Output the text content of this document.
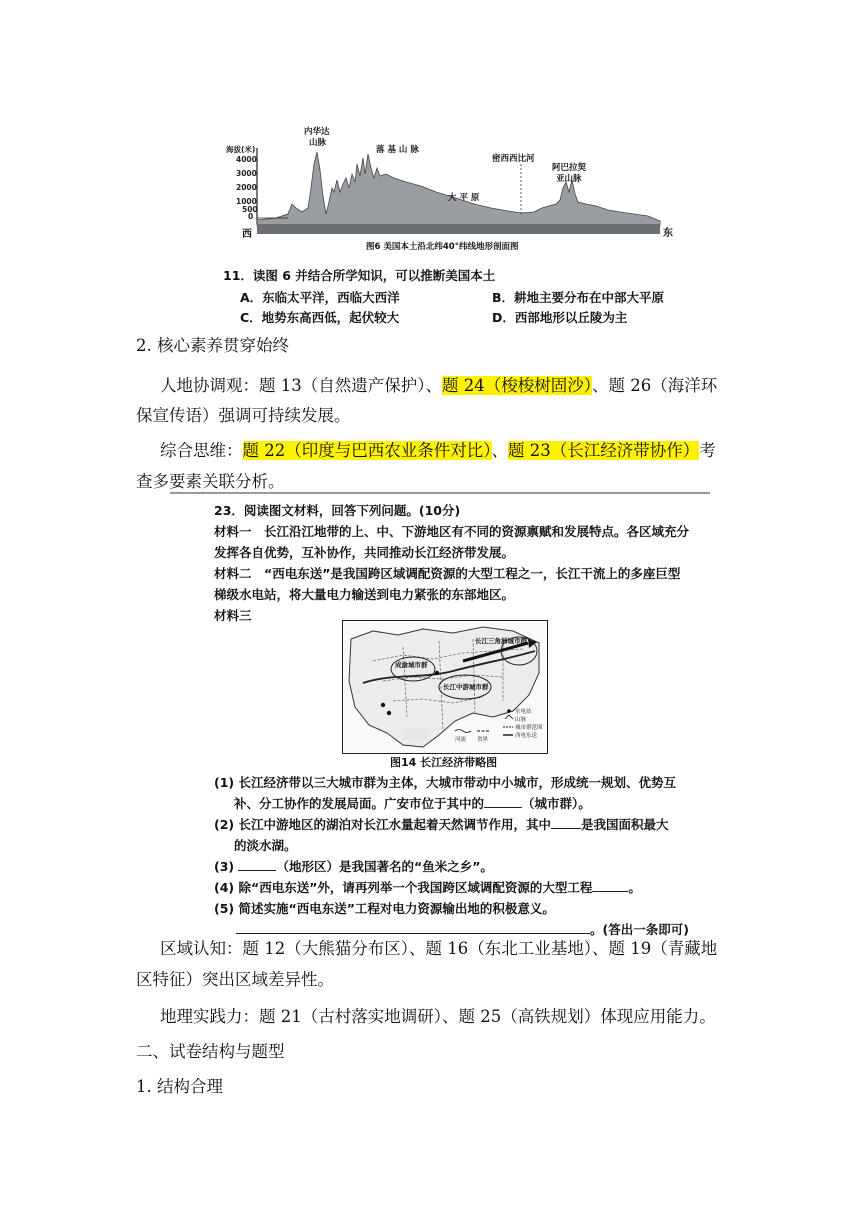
海拔(米)
4000
3000
2000
1000
500
0
内华达
山脉
落 基 山 脉
密西西比河
大 平 原
阿巴拉契
亚山脉
西	东
图6 美国本土沿北纬40°纬线地形剖面图
11．读图 6 并结合所学知识，可以推断美国本土
A．东临太平洋，西临大西洋	B．耕地主要分布在中部大平原
C．地势东高西低，起伏较大	D．西部地形以丘陵为主
2. 核心素养贯穿始终
人地协调观：题 13（自然遗产保护）、题 24（梭梭树固沙）、题 26（海洋环
保宣传语）强调可持续发展。
综合思维：题 22（印度与巴西农业条件对比）、题 23（长江经济带协作）考
查多要素关联分析。
23．阅读图文材料，回答下列问题。(10分)
材料一　长江沿江地带的上、中、下游地区有不同的资源禀赋和发展特点。各区域充分
发挥各自优势，互补协作，共同推动长江经济带发展。
材料二　“西电东送”是我国跨区域调配资源的大型工程之一，长江干流上的多座巨型
梯级水电站，将大量电力输送到电力紧张的东部地区。
材料三
长江三角洲城市群
成渝城市群
长江中游城市群
水电站
山脉
城市群范围
西电东送
河流 省界
图14 长江经济带略图
(1) 长江经济带以三大城市群为主体，大城市带动中小城市，形成统一规划、优势互
补、分工协作的发展局面。广安市位于其中的	（城市群）。
(2) 长江中游地区的湖泊对长江水量起着天然调节作用，其中 是我国面积最大
的淡水湖。
(3)	（地形区）是我国著名的“鱼米之乡”。
(4) 除“西电东送”外，请再列举一个我国跨区域调配资源的大型工程	。
(5) 简述实施“西电东送”工程对电力资源输出地的积极意义。
。(答出一条即可)
区域认知：题 12（大熊猫分布区）、题 16（东北工业基地）、题 19（青藏地
区特征）突出区域差异性。
地理实践力：题 21（古村落实地调研）、题 25（高铁规划）体现应用能力。
二、试卷结构与题型
1. 结构合理
